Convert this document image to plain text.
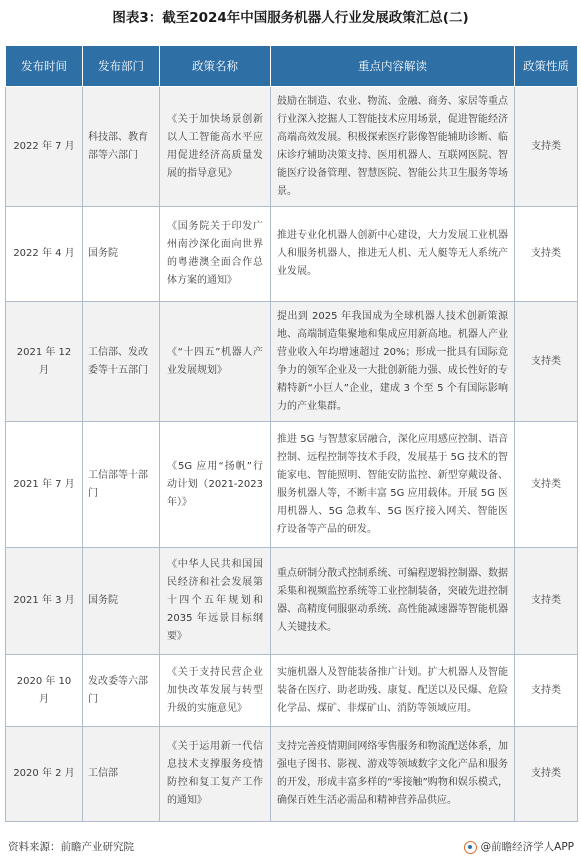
图表3：截至2024年中国服务机器人行业发展政策汇总(二)
发布时间	发布部门	政策名称	重点内容解读	政策性质
2022 年 7 月	科技部、教育部等六部门	《关于加快场景创新以人工智能高水平应用促进经济高质量发展的指导意见》	鼓励在制造、农业、物流、金融、商务、家居等重点行业深入挖掘人工智能技术应用场景，促进智能经济高端高效发展。积极探索医疗影像智能辅助诊断、临床诊疗辅助决策支持、医用机器人、互联网医院、智能医疗设备管理、智慧医院、智能公共卫生服务等场景。	支持类
2022 年 4 月	国务院	《国务院关于印发广州南沙深化面向世界的粤港澳全面合作总体方案的通知》	推进专业化机器人创新中心建设，大力发展工业机器人和服务机器人，推进无人机、无人艇等无人系统产业发展。	支持类
2021 年 12 月	工信部、发改委等十五部门	《“十四五”机器人产业发展规划》	提出到 2025 年我国成为全球机器人技术创新策源地、高端制造集聚地和集成应用新高地。机器人产业营业收入年均增速超过 20%；形成一批具有国际竞争力的领军企业及一大批创新能力强、成长性好的专精特新“小巨人”企业，建成 3 个至 5 个有国际影响力的产业集群。	支持类
2021 年 7 月	工信部等十部门	《5G 应用“扬帆”行动计划（2021-2023 年）》	推进 5G 与智慧家居融合，深化应用感应控制、语音控制、远程控制等技术手段，发展基于 5G 技术的智能家电、智能照明、智能安防监控、新型穿戴设备、服务机器人等，不断丰富 5G 应用载体。开展 5G 医用机器人、5G 急救车、5G 医疗接入网关、智能医疗设备等产品的研发。	支持类
2021 年 3 月	国务院	《中华人民共和国国民经济和社会发展第十四个五年规划和 2035 年远景目标纲要》	重点研制分散式控制系统、可编程逻辑控制器、数据采集和视频监控系统等工业控制装备，突破先进控制器、高精度伺服驱动系统、高性能减速器等智能机器人关键技术。	支持类
2020 年 10 月	发改委等六部门	《关于支持民营企业加快改革发展与转型升级的实施意见》	实施机器人及智能装备推广计划。扩大机器人及智能装备在医疗、助老助残、康复、配送以及民爆、危险化学品、煤矿、非煤矿山、消防等领域应用。	支持类
2020 年 2 月	工信部	《关于运用新一代信息技术支撑服务疫情防控和复工复产工作的通知》	支持完善疫情期间网络零售服务和物流配送体系，加强电子图书、影视、游戏等领域数字文化产品和服务的开发，形成丰富多样的“零接触”购物和娱乐模式，确保百姓生活必需品和精神营养品供应。	支持类
资料来源：前瞻产业研究院	@前瞻经济学人APP
